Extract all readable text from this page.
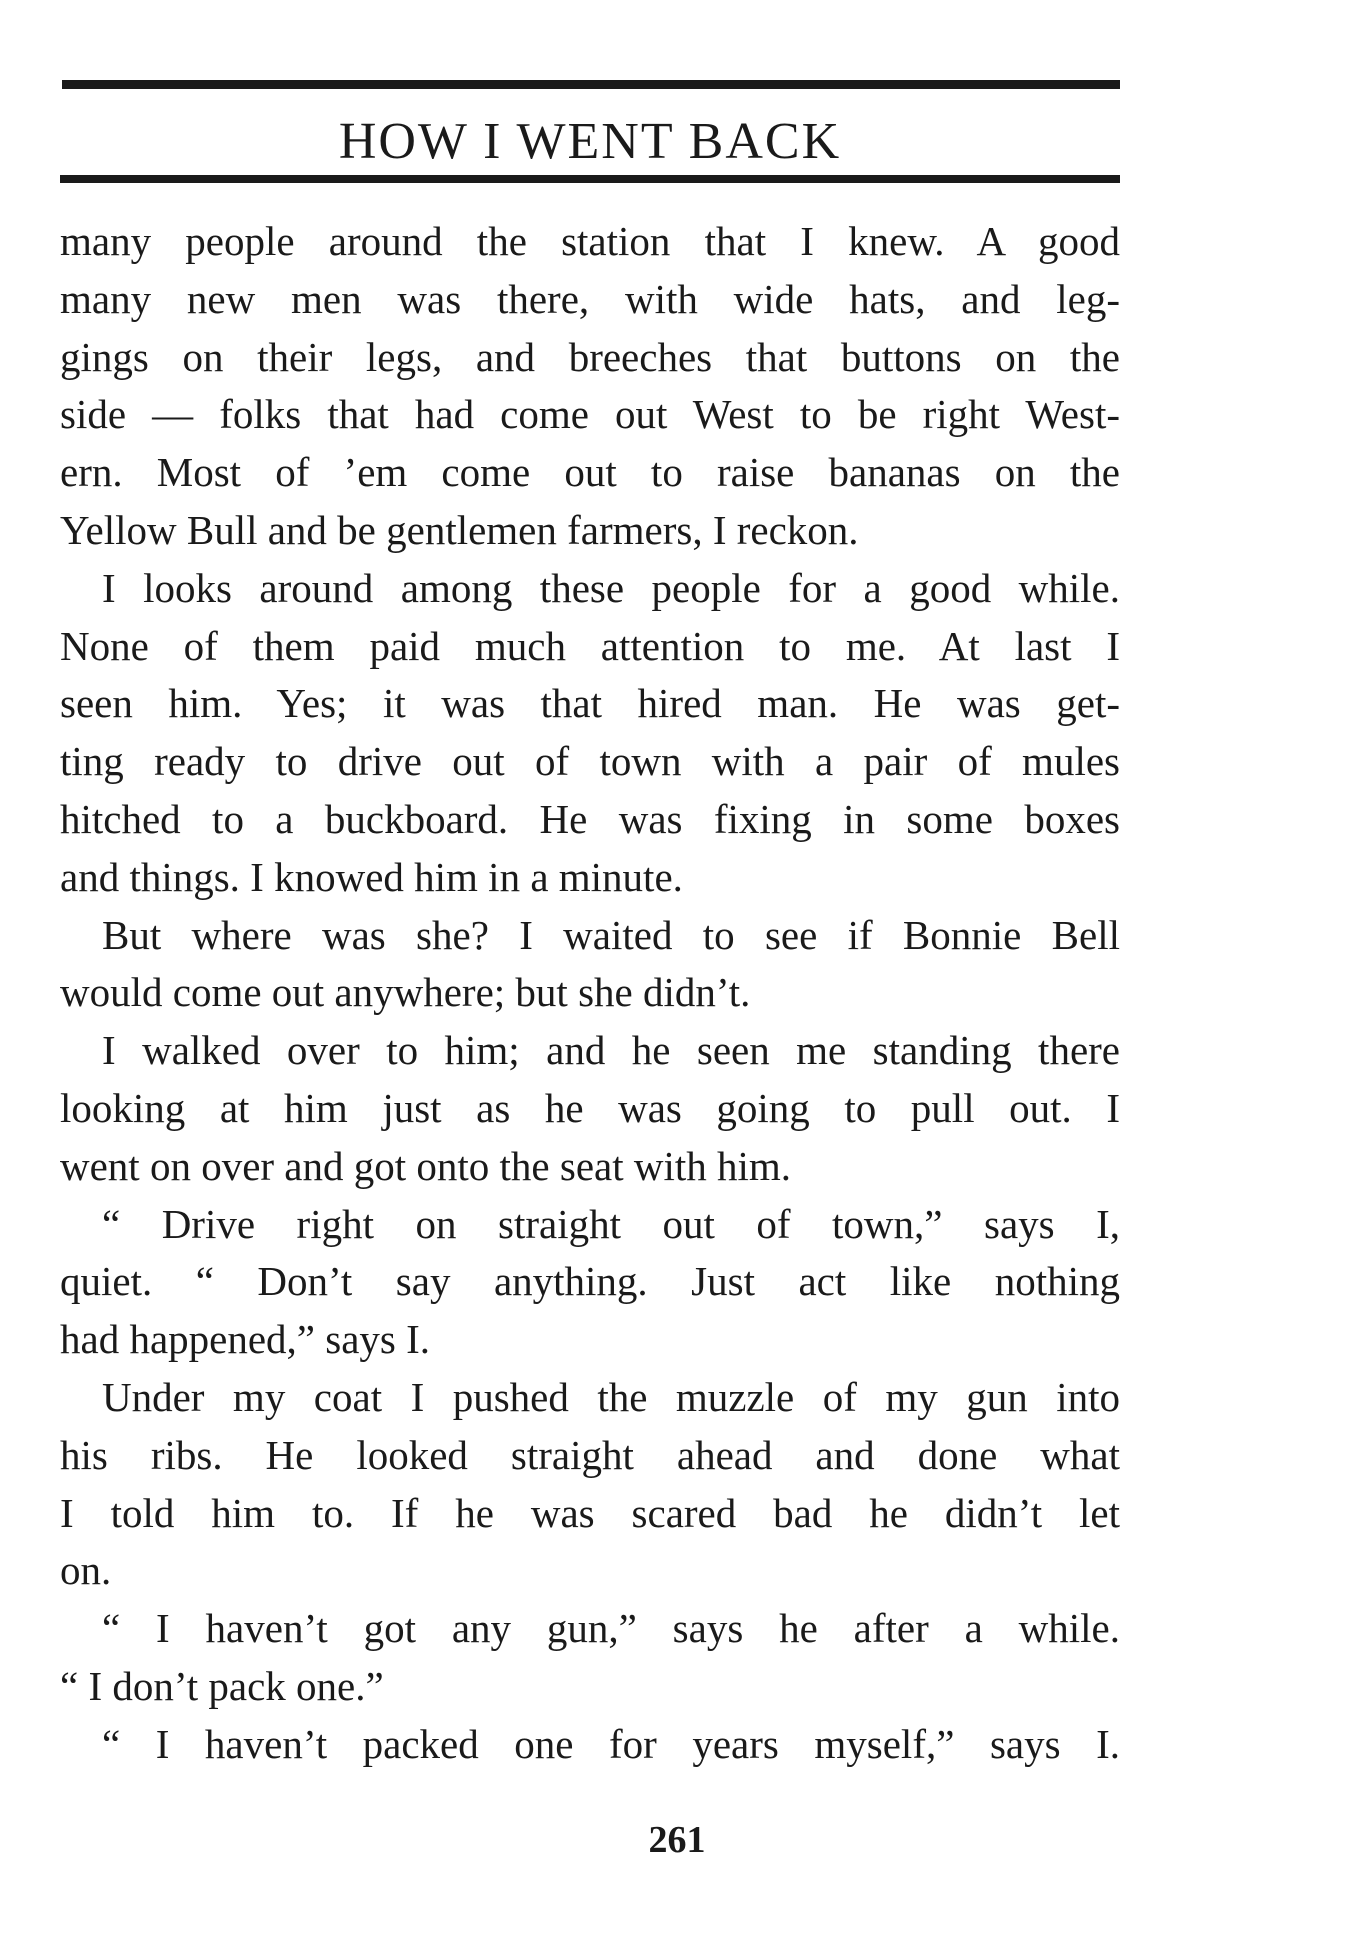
HOW I WENT BACK

many people around the station that I knew. A good
many new men was there, with wide hats, and leg-
gings on their legs, and breeches that buttons on the
side — folks that had come out West to be right West-
ern. Most of ’em come out to raise bananas on the
Yellow Bull and be gentlemen farmers, I reckon.

I looks around among these people for a good while.
None of them paid much attention to me. At last I
seen him. Yes; it was that hired man. He was get-
ting ready to drive out of town with a pair of mules
hitched to a buckboard. He was fixing in some boxes
and things. I knowed him in a minute.

But where was she? I waited to see if Bonnie Bell
would come out anywhere; but she didn’t.

I walked over to him; and he seen me standing there
looking at him just as he was going to pull out. I
went on over and got onto the seat with him.

“ Drive right on straight out of town,” says I,
quiet. “ Don’t say anything. Just act like nothing
had happened,” says I.

Under my coat I pushed the muzzle of my gun into
his ribs. He looked straight ahead and done what
I told him to. If he was scared bad he didn’t let
on.

“ I haven’t got any gun,” says he after a while.
“ I don’t pack one.”

“ I haven’t packed one for years myself,” says I.

261
